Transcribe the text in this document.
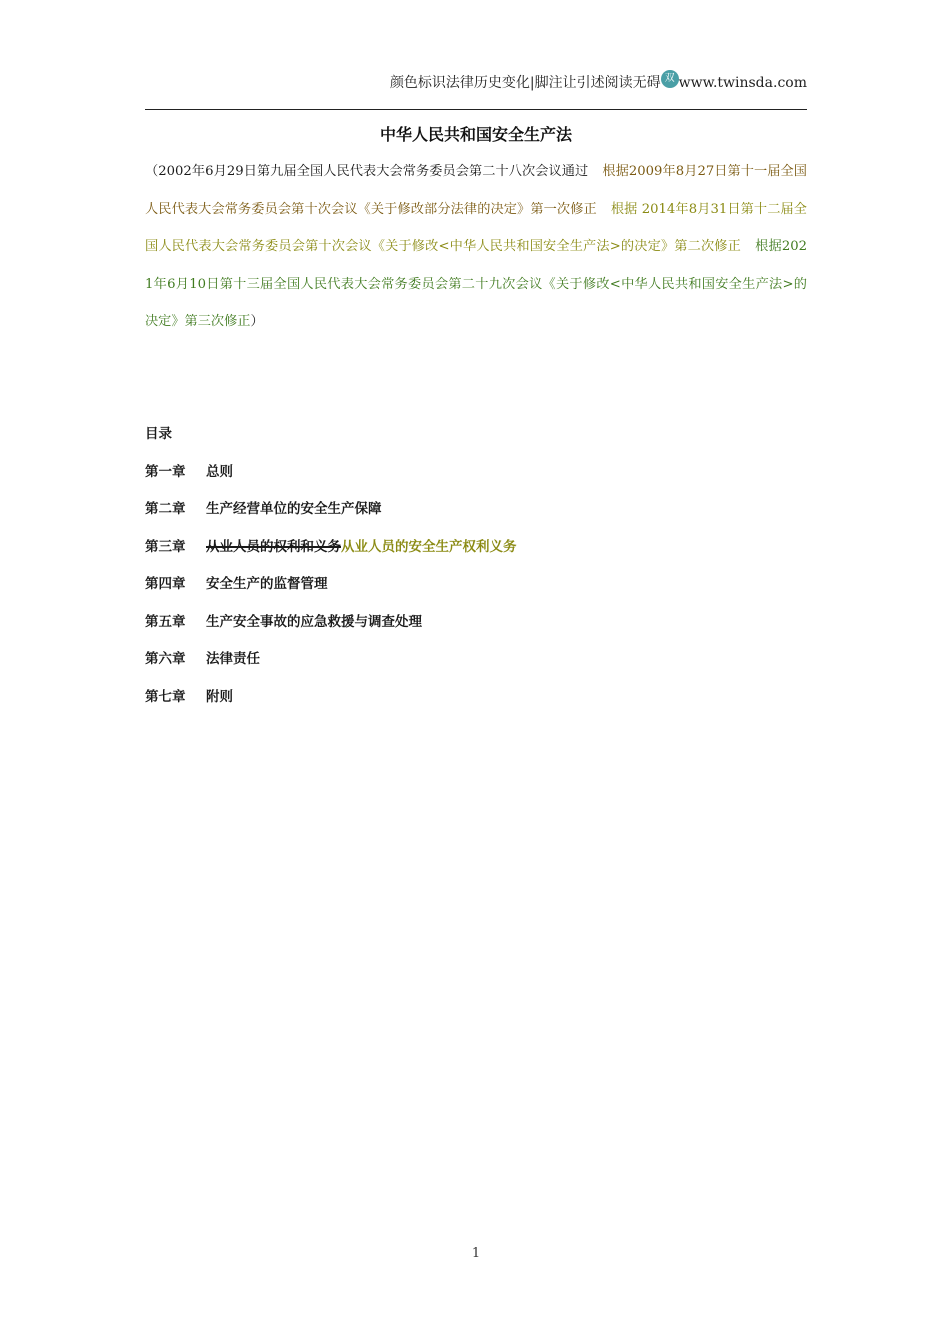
颜色标识法律历史变化|脚注让引述阅读无碍 双 www.twinsda.com
中华人民共和国安全生产法
（2002年6月29日第九届全国人民代表大会常务委员会第二十八次会议通过 根据2009年8月27日第十一届全国人民代表大会常务委员会第十次会议《关于修改部分法律的决定》第一次修正 根据 2014年8月31日第十二届全国人民代表大会常务委员会第十次会议《关于修改<中华人民共和国安全生产法>的决定》第二次修正 根据2021年6月10日第十三届全国人民代表大会常务委员会第二十九次会议《关于修改<中华人民共和国安全生产法>的决定》第三次修正）
目录
第一章 总则
第二章 生产经营单位的安全生产保障
第三章 从业人员的权利和义务从业人员的安全生产权利义务
第四章 安全生产的监督管理
第五章 生产安全事故的应急救援与调查处理
第六章 法律责任
第七章 附则
1
